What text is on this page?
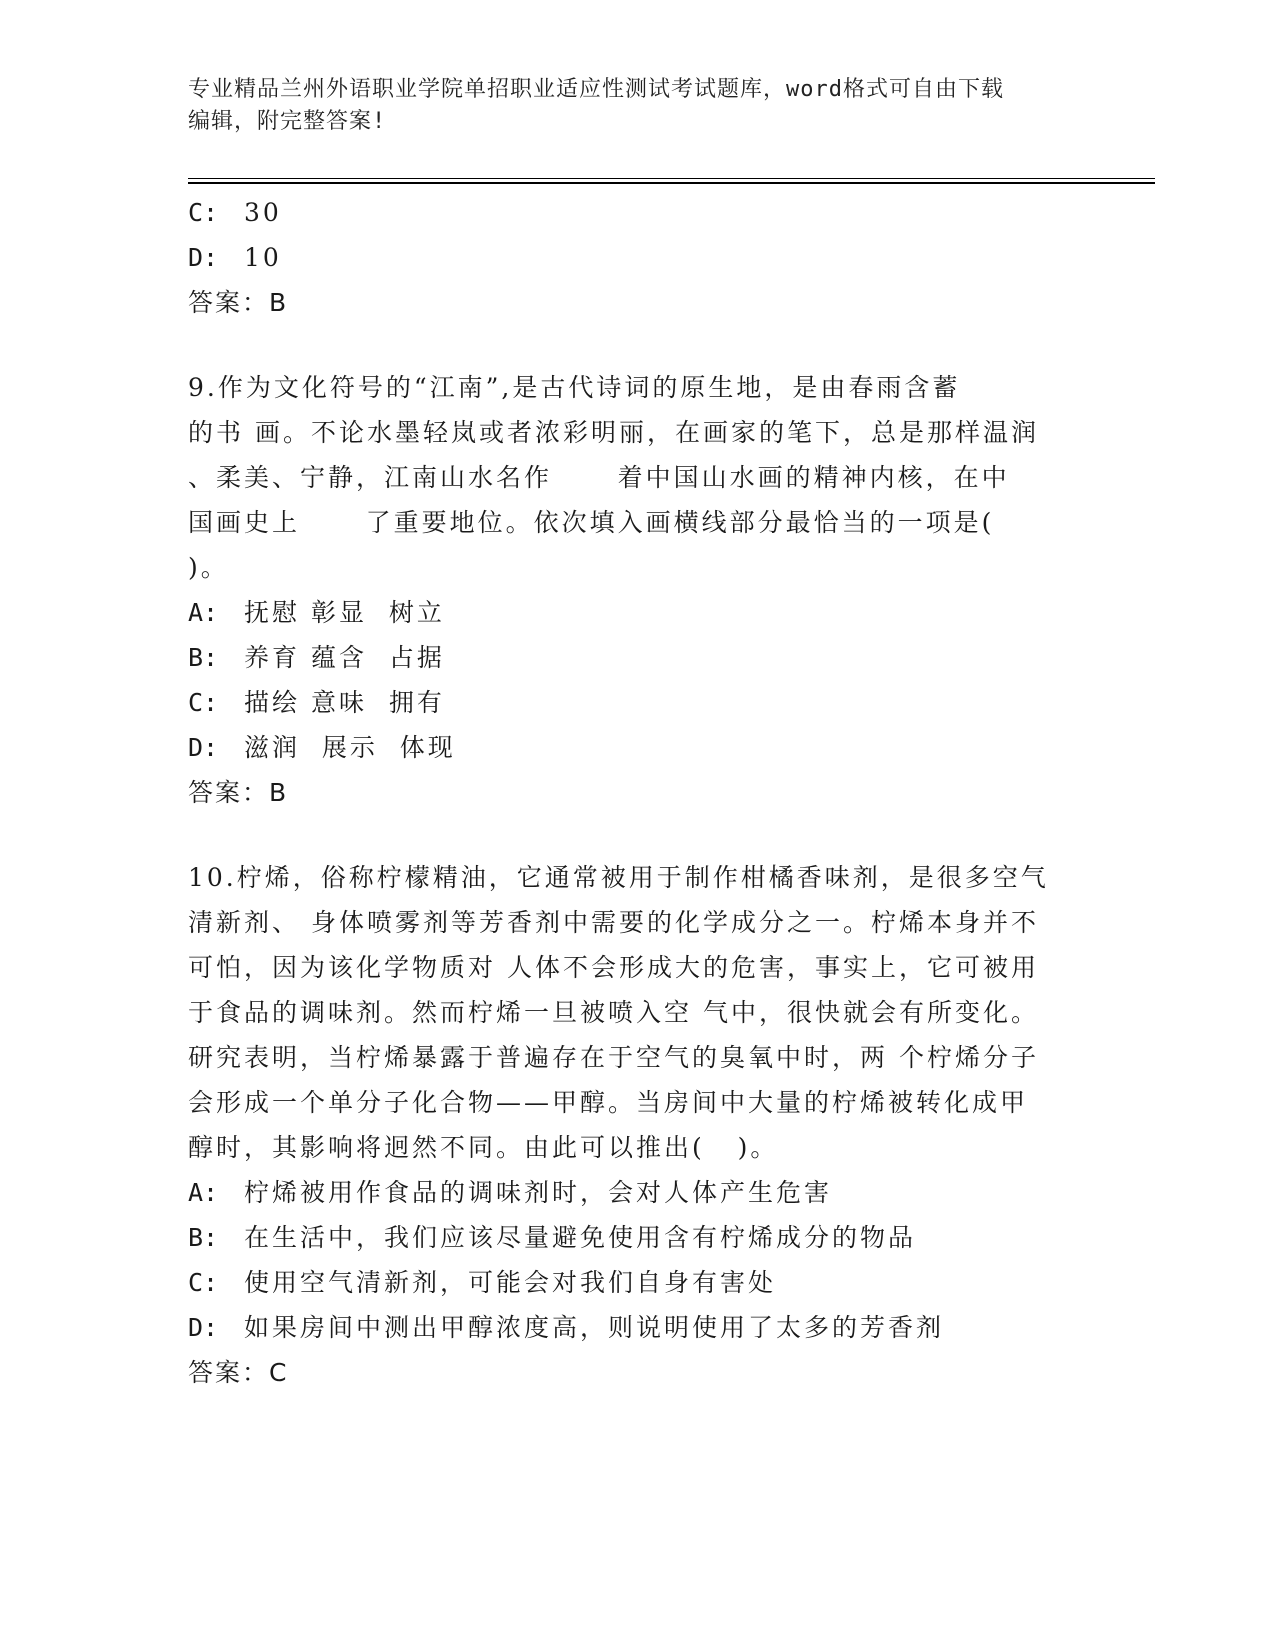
专业精品兰州外语职业学院单招职业适应性测试考试题库，word格式可自由下载
编辑，附完整答案!
C: 30
D: 10
答案：B
9.作为文化符号的“江南”,是古代诗词的原生地，是由春雨含蓄
的书 画。不论水墨轻岚或者浓彩明丽，在画家的笔下，总是那样温润
、柔美、宁静，江南山水名作      着中国山水画的精神内核，在中
国画史上      了重要地位。依次填入画横线部分最恰当的一项是(
)。
A: 抚慰 彰显  树立
B: 养育 蕴含  占据
C: 描绘 意味  拥有
D: 滋润  展示  体现
答案：B
10.柠烯，俗称柠檬精油，它通常被用于制作柑橘香味剂，是很多空气
清新剂、 身体喷雾剂等芳香剂中需要的化学成分之一。柠烯本身并不
可怕，因为该化学物质对 人体不会形成大的危害，事实上，它可被用
于食品的调味剂。然而柠烯一旦被喷入空 气中，很快就会有所变化。
研究表明，当柠烯暴露于普遍存在于空气的臭氧中时，两 个柠烯分子
会形成一个单分子化合物——甲醇。当房间中大量的柠烯被转化成甲
醇时，其影响将迥然不同。由此可以推出(   )。
A: 柠烯被用作食品的调味剂时，会对人体产生危害
B: 在生活中，我们应该尽量避免使用含有柠烯成分的物品
C: 使用空气清新剂，可能会对我们自身有害处
D: 如果房间中测出甲醇浓度高，则说明使用了太多的芳香剂
答案：C
